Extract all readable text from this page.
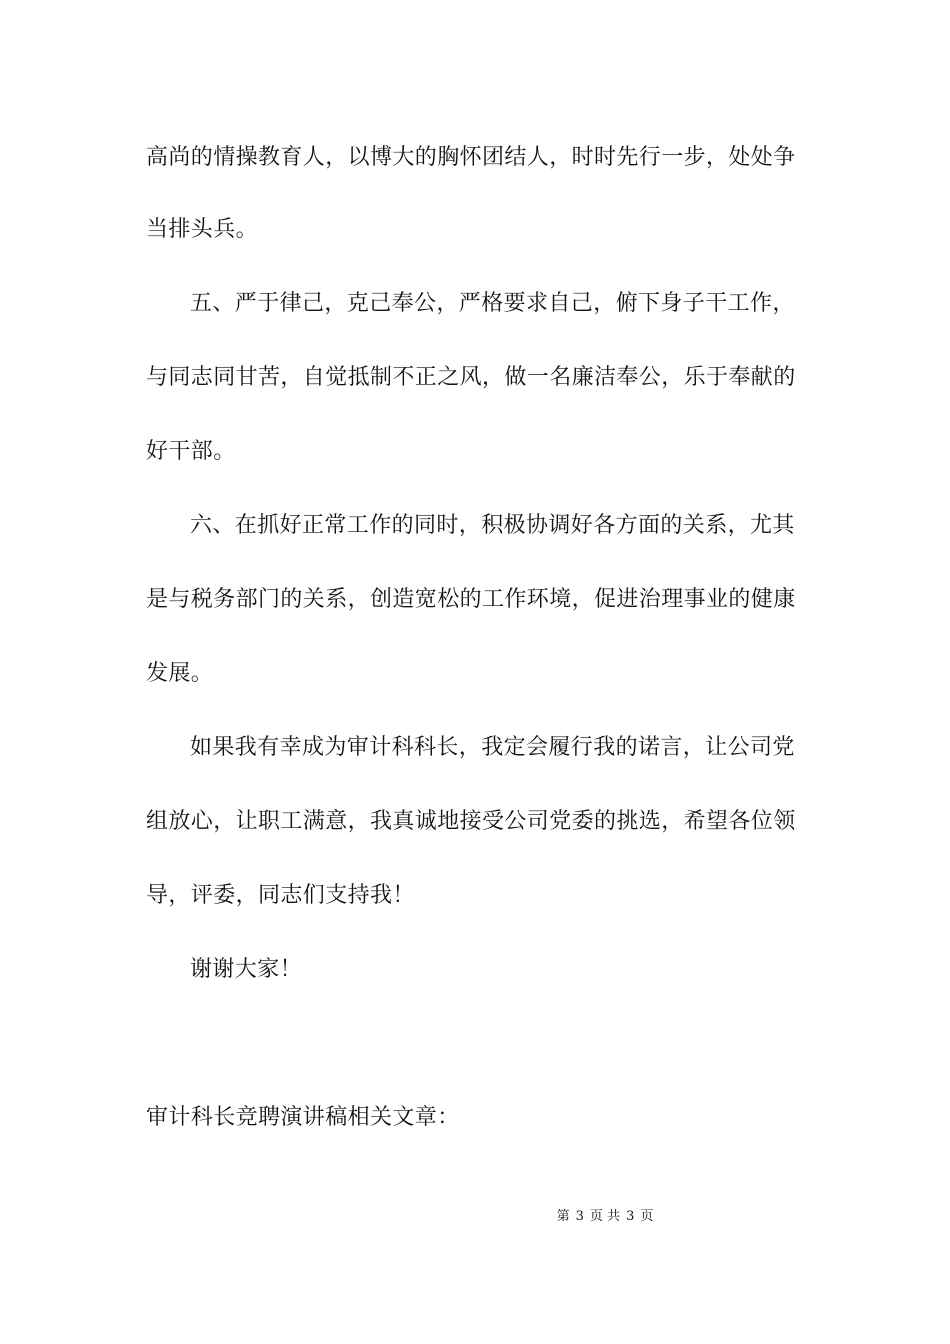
高尚的情操教育人，以博大的胸怀团结人，时时先行一步，处处争
当排头兵。
五、严于律己，克己奉公，严格要求自己，俯下身子干工作，
与同志同甘苦，自觉抵制不正之风，做一名廉洁奉公，乐于奉献的
好干部。
六、在抓好正常工作的同时，积极协调好各方面的关系，尤其
是与税务部门的关系，创造宽松的工作环境，促进治理事业的健康
发展。
如果我有幸成为审计科科长，我定会履行我的诺言，让公司党
组放心，让职工满意，我真诚地接受公司党委的挑选，希望各位领
导，评委，同志们支持我！
谢谢大家！
审计科长竞聘演讲稿相关文章：
第 3 页 共 3 页
